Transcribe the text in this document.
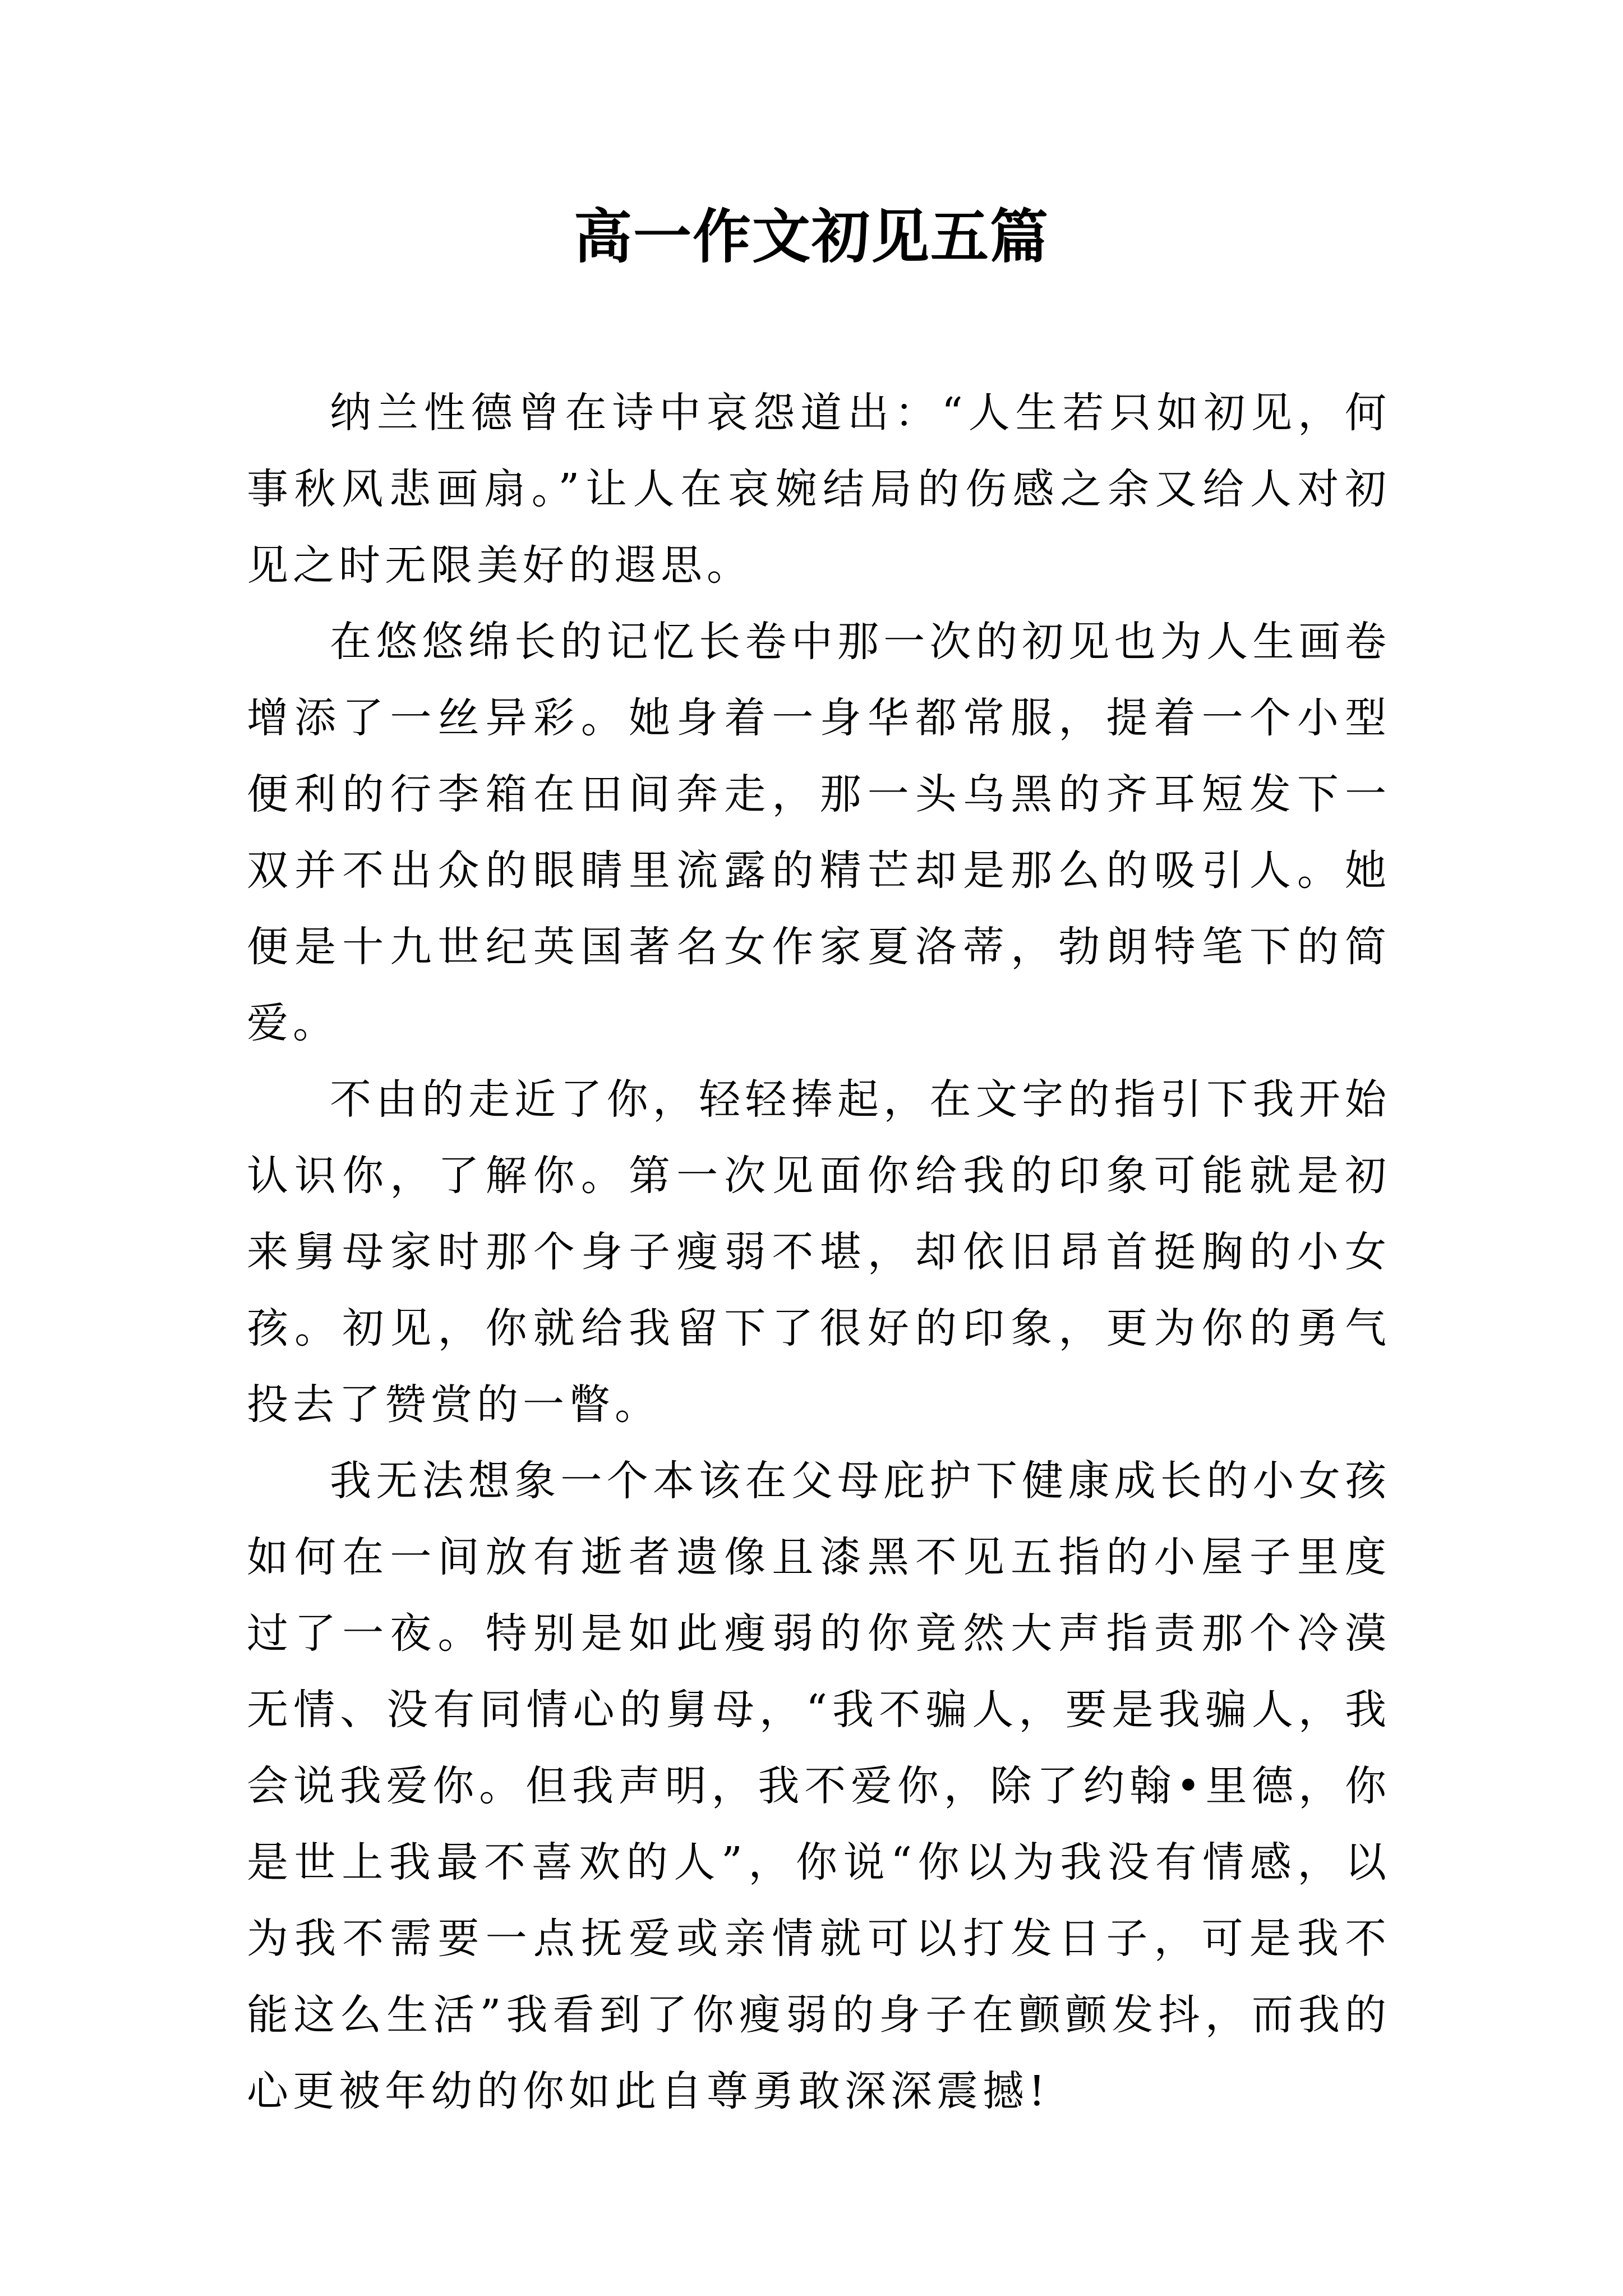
高一作文初见五篇

纳兰性德曾在诗中哀怨道出：“人生若只如初见，何事秋风悲画扇。”让人在哀婉结局的伤感之余又给人对初见之时无限美好的遐思。

在悠悠绵长的记忆长卷中那一次的初见也为人生画卷增添了一丝异彩。她身着一身华都常服，提着一个小型便利的行李箱在田间奔走，那一头乌黑的齐耳短发下一双并不出众的眼睛里流露的精芒却是那么的吸引人。她便是十九世纪英国著名女作家夏洛蒂，勃朗特笔下的简爱。

不由的走近了你，轻轻捧起，在文字的指引下我开始认识你，了解你。第一次见面你给我的印象可能就是初来舅母家时那个身子瘦弱不堪，却依旧昂首挺胸的小女孩。初见，你就给我留下了很好的印象，更为你的勇气投去了赞赏的一瞥。

我无法想象一个本该在父母庇护下健康成长的小女孩如何在一间放有逝者遗像且漆黑不见五指的小屋子里度过了一夜。特别是如此瘦弱的你竟然大声指责那个冷漠无情、没有同情心的舅母，“我不骗人，要是我骗人，我会说我爱你。但我声明，我不爱你，除了约翰•里德，你是世上我最不喜欢的人”，你说“你以为我没有情感，以为我不需要一点抚爱或亲情就可以打发日子，可是我不能这么生活”我看到了你瘦弱的身子在颤颤发抖，而我的心更被年幼的你如此自尊勇敢深深震撼!
